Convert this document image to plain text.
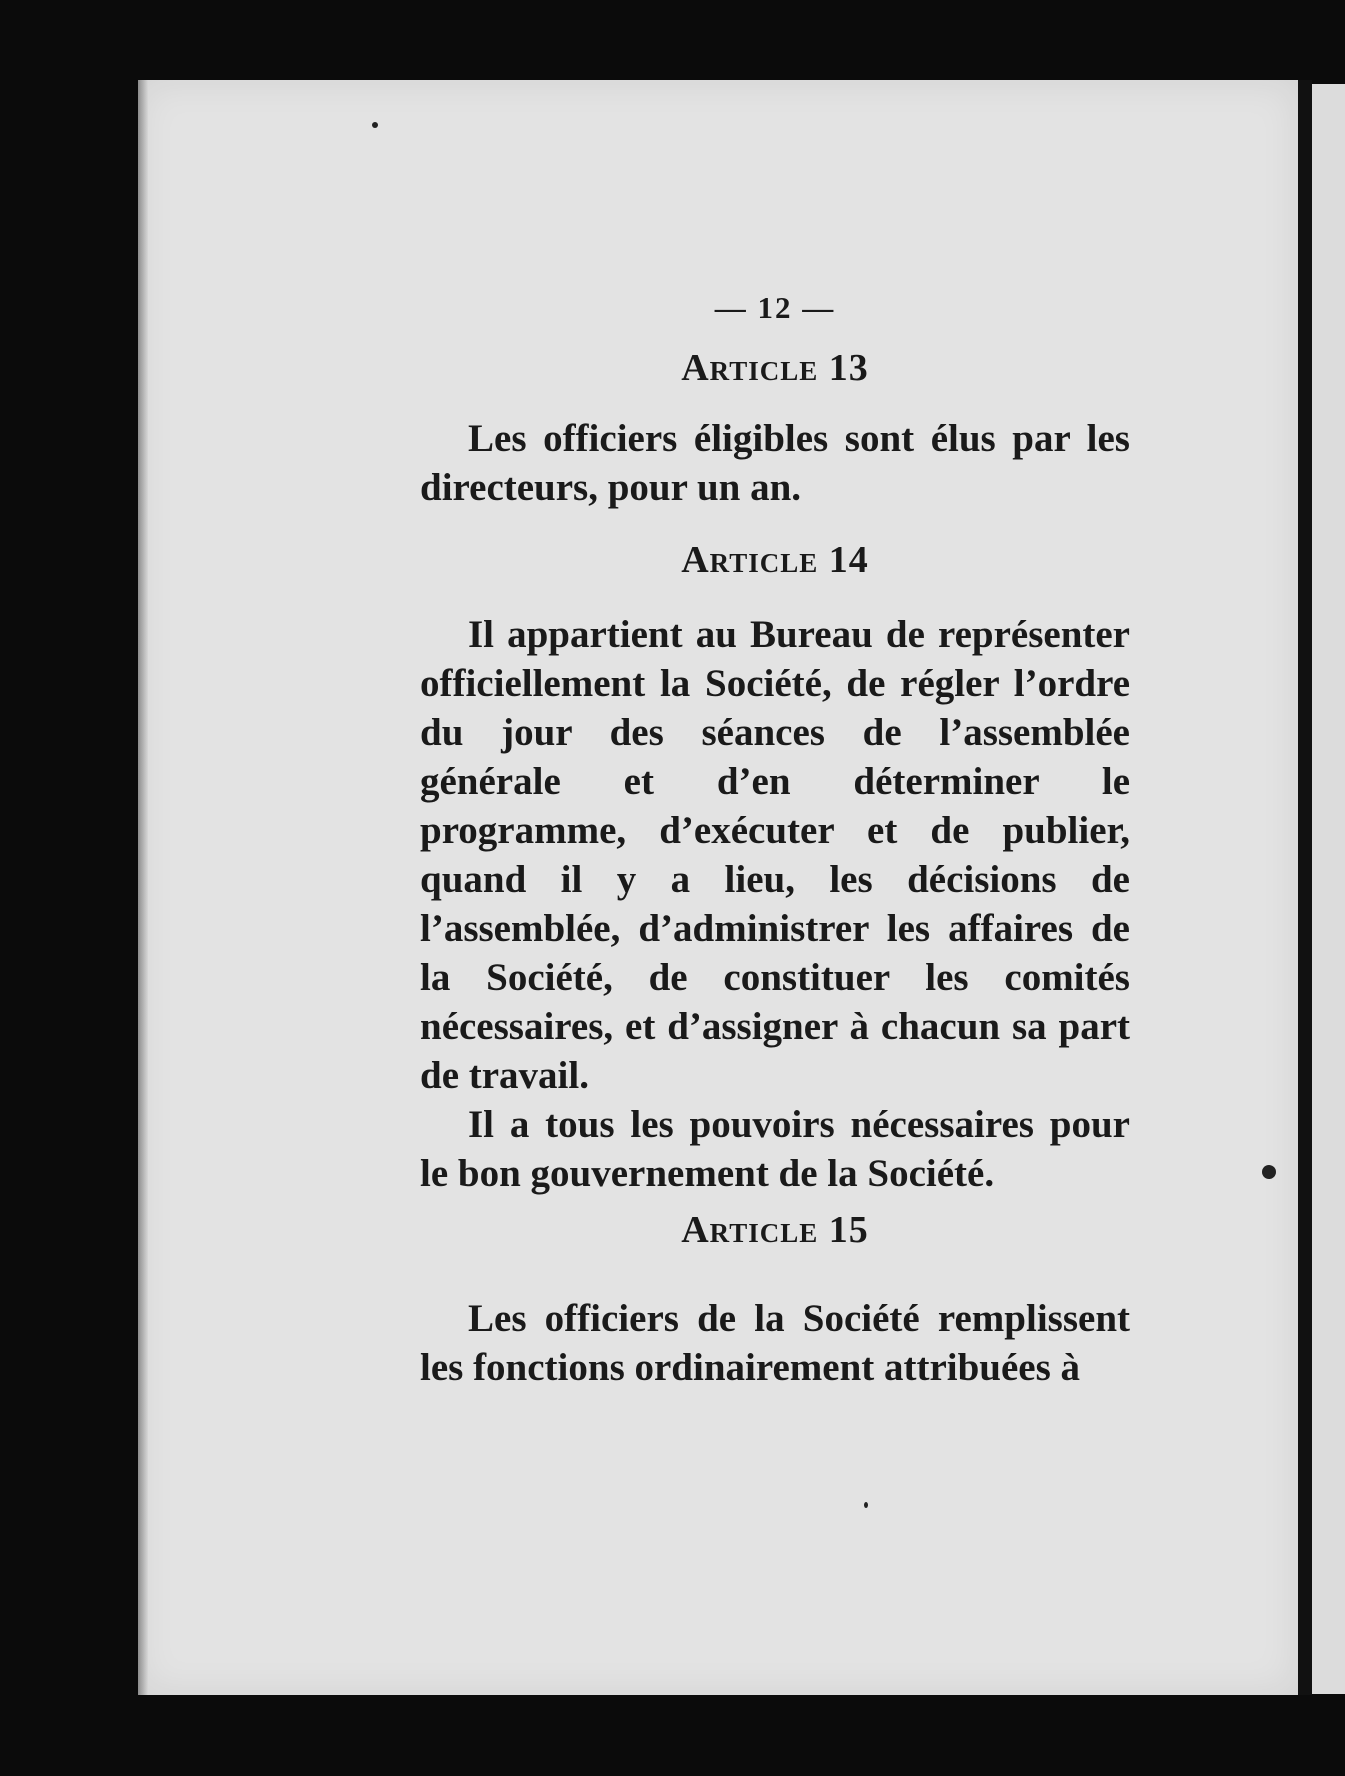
— 12 —
Article 13

Les officiers éligibles sont élus par les directeurs, pour un an.

Article 14

Il appartient au Bureau de représenter officiellement la Société, de régler l’ordre du jour des séances de l’assemblée générale et d’en déterminer le programme, d’exécuter et de publier, quand il y a lieu, les décisions de l’assemblée, d’administrer les affaires de la Société, de constituer les comités nécessaires, et d’assigner à chacun sa part de travail.

Il a tous les pouvoirs nécessaires pour le bon gouvernement de la Société.

Article 15

Les officiers de la Société remplissent les fonctions ordinairement attribuées à
